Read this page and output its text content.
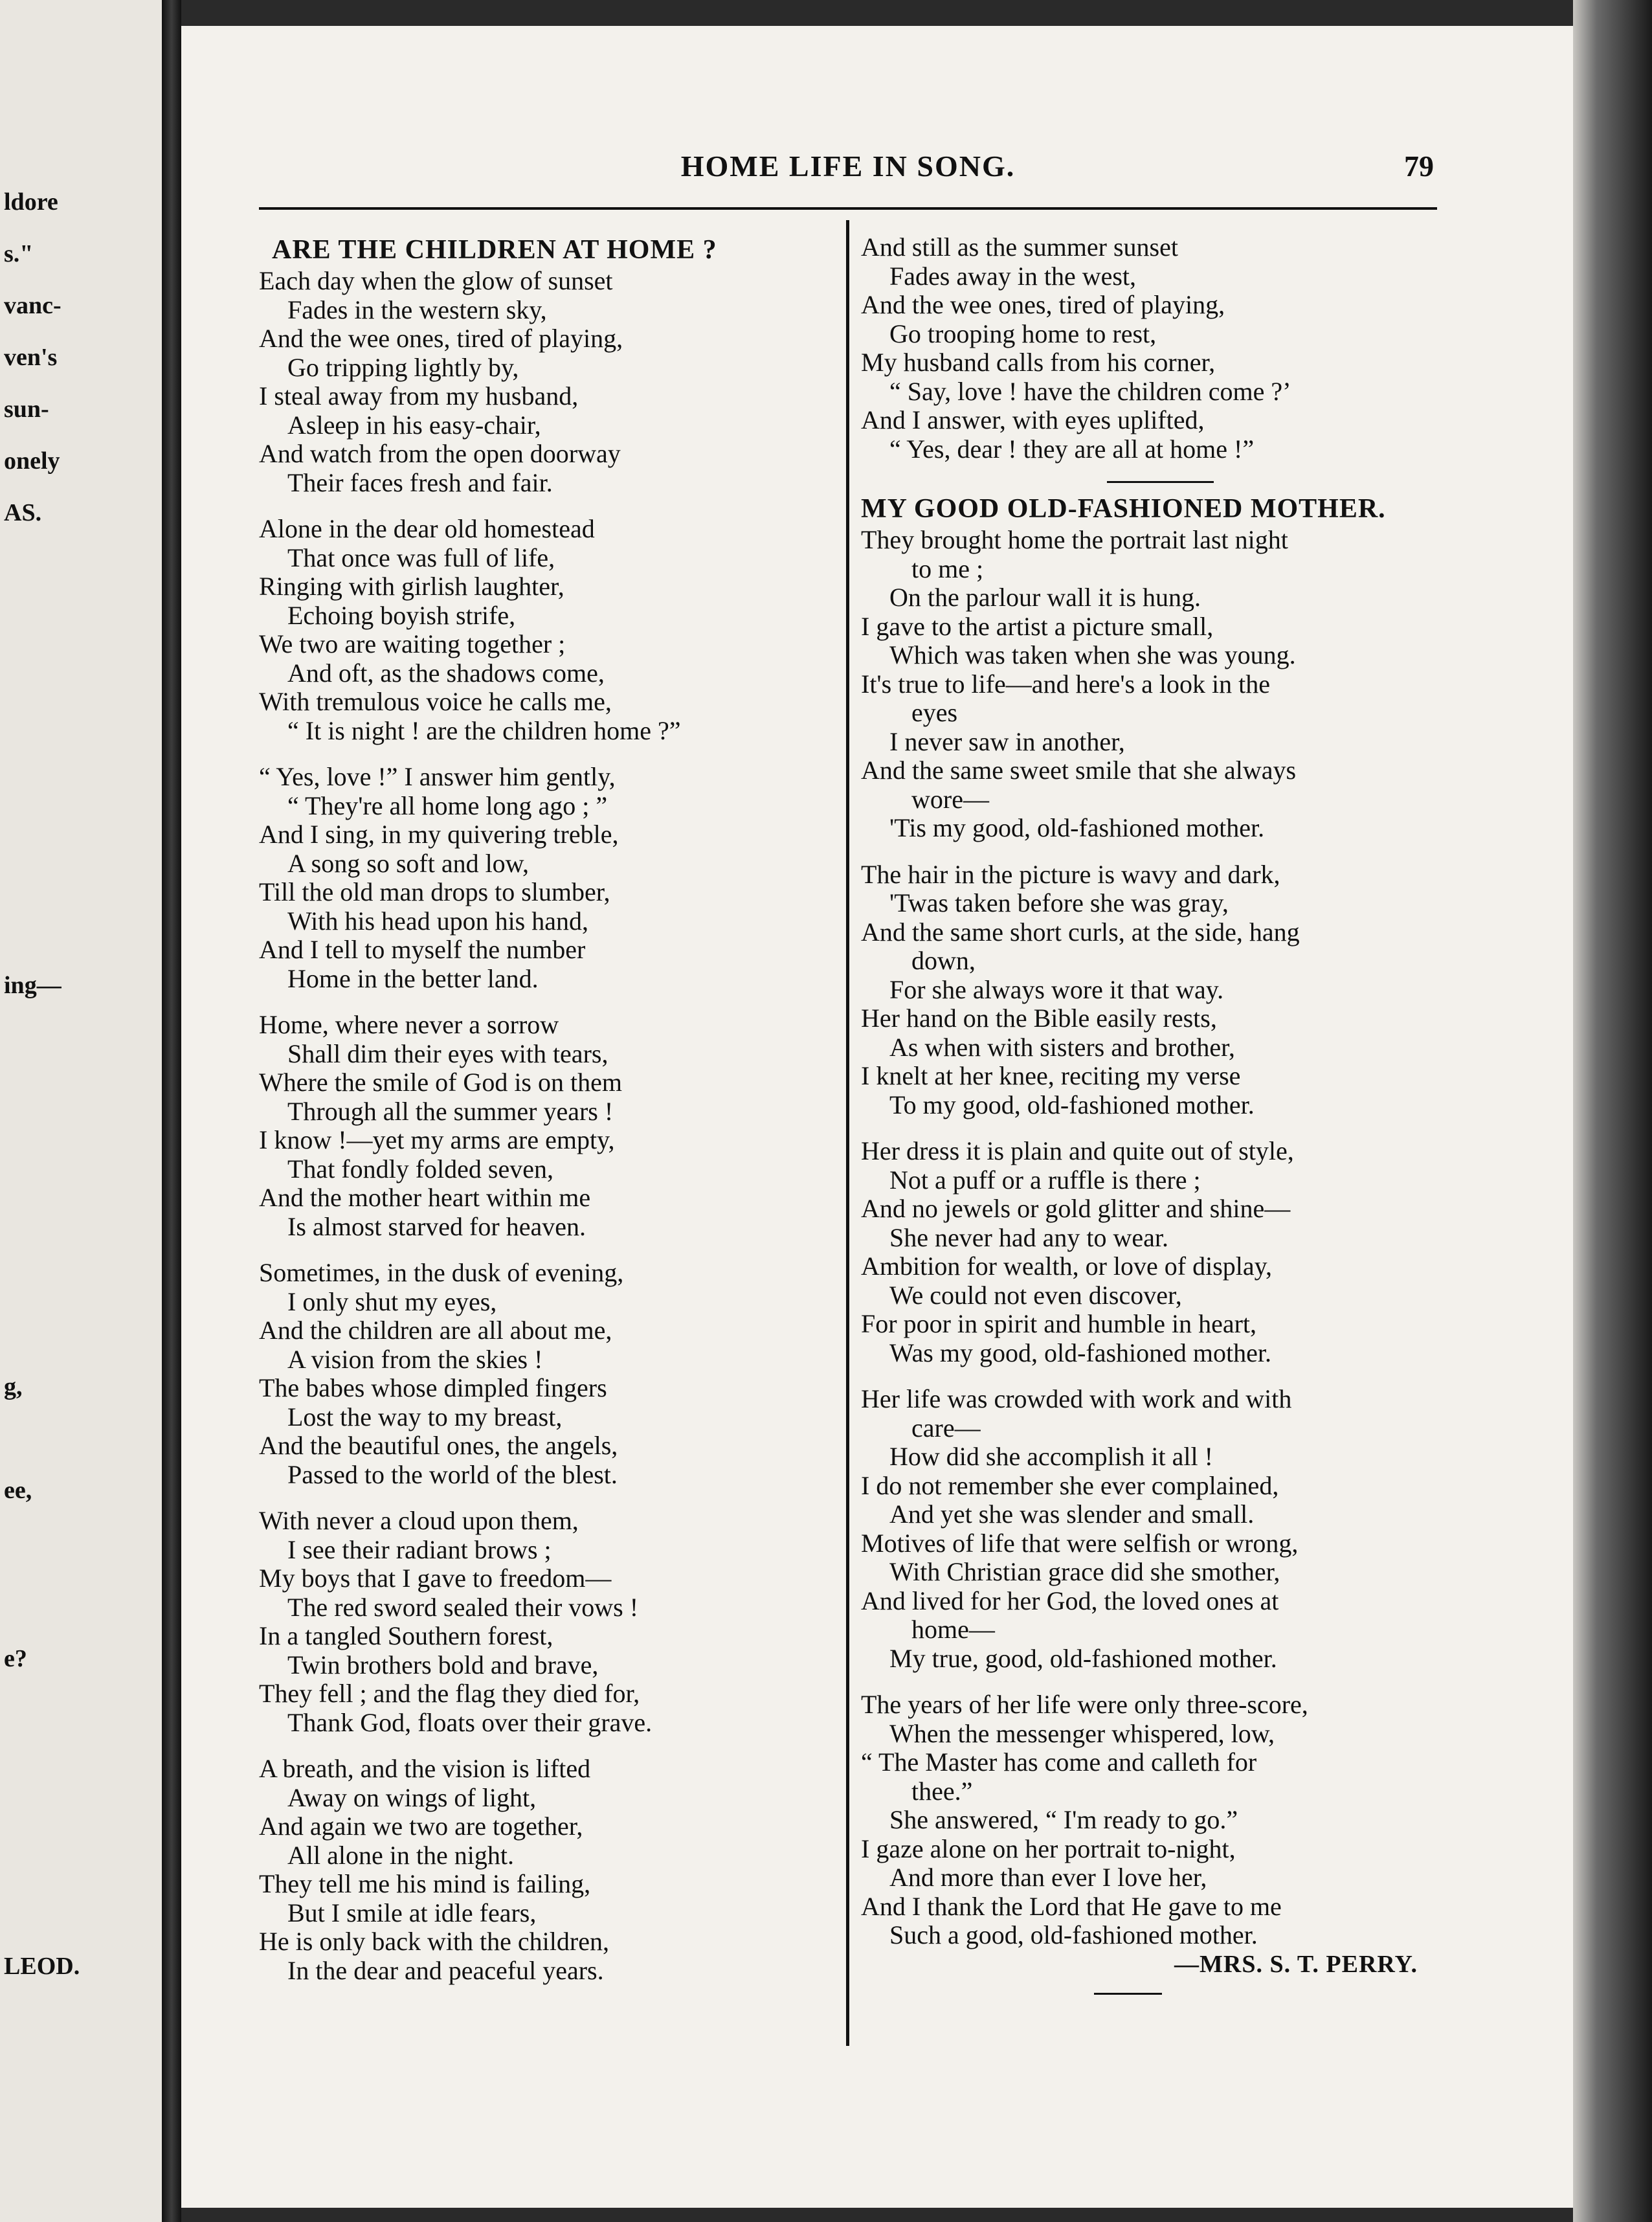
ldore
s."
vanc-
ven's
sun-
onely
AS.
ing—
g,
ee,
e?
LEOD.
HOME LIFE IN SONG.	79
ARE THE CHILDREN AT HOME ?
Each day when the glow of sunset
Fades in the western sky,
And the wee ones, tired of playing,
Go tripping lightly by,
I steal away from my husband,
Asleep in his easy-chair,
And watch from the open doorway
Their faces fresh and fair.
Alone in the dear old homestead
That once was full of life,
Ringing with girlish laughter,
Echoing boyish strife,
We two are waiting together ;
And oft, as the shadows come,
With tremulous voice he calls me,
“ It is night ! are the children home ?”
“ Yes, love !” I answer him gently,
“ They're all home long ago ; ”
And I sing, in my quivering treble,
A song so soft and low,
Till the old man drops to slumber,
With his head upon his hand,
And I tell to myself the number
Home in the better land.
Home, where never a sorrow
Shall dim their eyes with tears,
Where the smile of God is on them
Through all the summer years !
I know !—yet my arms are empty,
That fondly folded seven,
And the mother heart within me
Is almost starved for heaven.
Sometimes, in the dusk of evening,
I only shut my eyes,
And the children are all about me,
A vision from the skies !
The babes whose dimpled fingers
Lost the way to my breast,
And the beautiful ones, the angels,
Passed to the world of the blest.
With never a cloud upon them,
I see their radiant brows ;
My boys that I gave to freedom—
The red sword sealed their vows !
In a tangled Southern forest,
Twin brothers bold and brave,
They fell ; and the flag they died for,
Thank God, floats over their grave.
A breath, and the vision is lifted
Away on wings of light,
And again we two are together,
All alone in the night.
They tell me his mind is failing,
But I smile at idle fears,
He is only back with the children,
In the dear and peaceful years.
And still as the summer sunset
Fades away in the west,
And the wee ones, tired of playing,
Go trooping home to rest,
My husband calls from his corner,
“ Say, love ! have the children come ?’
And I answer, with eyes uplifted,
“ Yes, dear ! they are all at home !”
MY GOOD OLD-FASHIONED MOTHER.
They brought home the portrait last night
to me ;
On the parlour wall it is hung.
I gave to the artist a picture small,
Which was taken when she was young.
It's true to life—and here's a look in the
eyes
I never saw in another,
And the same sweet smile that she always
wore—
'Tis my good, old-fashioned mother.
The hair in the picture is wavy and dark,
'Twas taken before she was gray,
And the same short curls, at the side, hang
down,
For she always wore it that way.
Her hand on the Bible easily rests,
As when with sisters and brother,
I knelt at her knee, reciting my verse
To my good, old-fashioned mother.
Her dress it is plain and quite out of style,
Not a puff or a ruffle is there ;
And no jewels or gold glitter and shine—
She never had any to wear.
Ambition for wealth, or love of display,
We could not even discover,
For poor in spirit and humble in heart,
Was my good, old-fashioned mother.
Her life was crowded with work and with
care—
How did she accomplish it all !
I do not remember she ever complained,
And yet she was slender and small.
Motives of life that were selfish or wrong,
With Christian grace did she smother,
And lived for her God, the loved ones at
home—
My true, good, old-fashioned mother.
The years of her life were only three-score,
When the messenger whispered, low,
“ The Master has come and calleth for
thee.”
She answered, “ I'm ready to go.”
I gaze alone on her portrait to-night,
And more than ever I love her,
And I thank the Lord that He gave to me
Such a good, old-fashioned mother.
—MRS. S. T. PERRY.
